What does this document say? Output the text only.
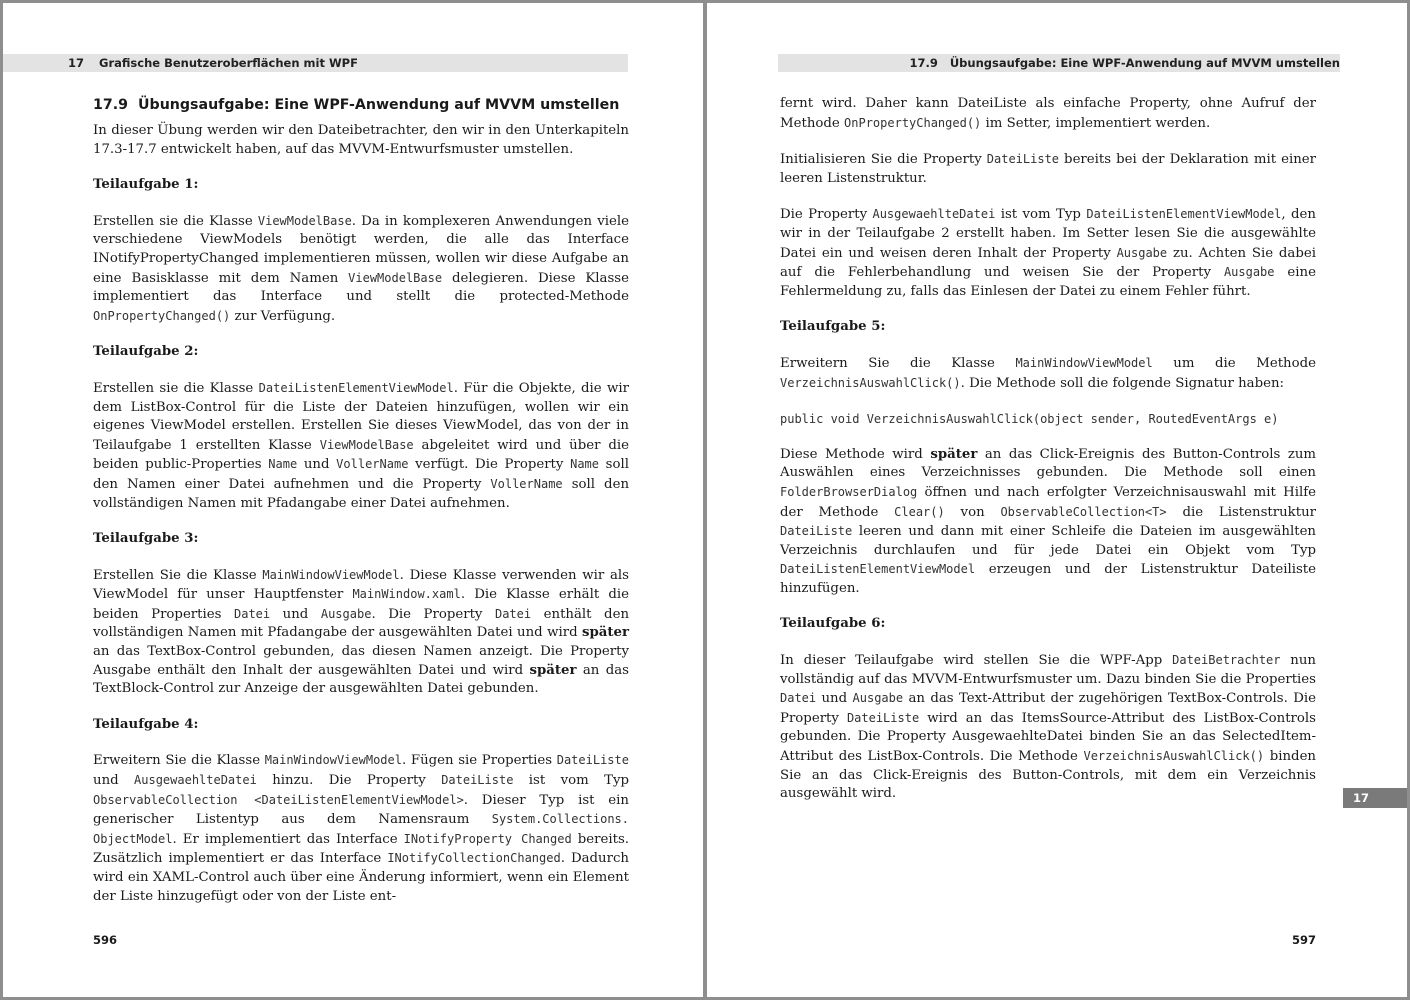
17 Grafische Benutzeroberflächen mit WPF
17.9 Übungsaufgabe: Eine WPF-Anwendung auf MVVM umstellen

In dieser Übung werden wir den Dateibetrachter, den wir in den Unterkapiteln 17.3-17.7 entwickelt haben, auf das MVVM-Entwurfsmuster umstellen.

Teilaufgabe 1:

Erstellen sie die Klasse ViewModelBase. Da in komplexeren Anwendungen viele verschiedene ViewModels benötigt werden, die alle das Interface INotifyPropertyChanged implementieren müssen, wollen wir diese Aufgabe an eine Basisklasse mit dem Namen ViewModelBase delegieren. Diese Klasse implementiert das Interface und stellt die protected-Methode OnPropertyChanged() zur Verfügung.

Teilaufgabe 2:

Erstellen sie die Klasse DateiListenElementViewModel. Für die Objekte, die wir dem ListBox-Control für die Liste der Dateien hinzufügen, wollen wir ein eigenes ViewModel erstellen. Erstellen Sie dieses ViewModel, das von der in Teilaufgabe 1 erstellten Klasse ViewModelBase abgeleitet wird und über die beiden public-Properties Name und VollerName verfügt. Die Property Name soll den Namen einer Datei aufnehmen und die Property VollerName soll den vollständigen Namen mit Pfadangabe einer Datei aufnehmen.

Teilaufgabe 3:

Erstellen Sie die Klasse MainWindowViewModel. Diese Klasse verwenden wir als ViewModel für unser Hauptfenster MainWindow.xaml. Die Klasse erhält die beiden Properties Datei und Ausgabe. Die Property Datei enthält den vollständigen Namen mit Pfadangabe der ausgewählten Datei und wird später an das TextBox-Control gebunden, das diesen Namen anzeigt. Die Property Ausgabe enthält den Inhalt der ausgewählten Datei und wird später an das TextBlock-Control zur Anzeige der ausgewählten Datei gebunden.

Teilaufgabe 4:

Erweitern Sie die Klasse MainWindowViewModel. Fügen sie Properties DateiListe und AusgewaehlteDatei hinzu. Die Property DateiListe ist vom Typ ObservableCollection <DateiListenElementViewModel>. Dieser Typ ist ein generischer Listentyp aus dem Namensraum System.Collections. ObjectModel. Er implementiert das Interface INotifyProperty Changed bereits. Zusätzlich implementiert er das Interface INotifyCollectionChanged. Dadurch wird ein XAML-Control auch über eine Änderung informiert, wenn ein Element der Liste hinzugefügt oder von der Liste ent-

596
17.9 Übungsaufgabe: Eine WPF-Anwendung auf MVVM umstellen

fernt wird. Daher kann DateiListe als einfache Property, ohne Aufruf der Methode OnPropertyChanged() im Setter, implementiert werden.

Initialisieren Sie die Property DateiListe bereits bei der Deklaration mit einer leeren Listenstruktur.

Die Property AusgewaehlteDatei ist vom Typ DateiListenElementViewModel, den wir in der Teilaufgabe 2 erstellt haben. Im Setter lesen Sie die ausgewählte Datei ein und weisen deren Inhalt der Property Ausgabe zu. Achten Sie dabei auf die Fehlerbehandlung und weisen Sie der Property Ausgabe eine Fehlermeldung zu, falls das Einlesen der Datei zu einem Fehler führt.

Teilaufgabe 5:

Erweitern Sie die Klasse MainWindowViewModel um die Methode VerzeichnisAuswahlClick(). Die Methode soll die folgende Signatur haben:

public void VerzeichnisAuswahlClick(object sender, RoutedEventArgs e)

Diese Methode wird später an das Click-Ereignis des Button-Controls zum Auswählen eines Verzeichnisses gebunden. Die Methode soll einen FolderBrowserDialog öffnen und nach erfolgter Verzeichnisauswahl mit Hilfe der Methode Clear() von ObservableCollection<T> die Listenstruktur DateiListe leeren und dann mit einer Schleife die Dateien im ausgewählten Verzeichnis durchlaufen und für jede Datei ein Objekt vom Typ DateiListenElementViewModel erzeugen und der Listenstruktur Dateiliste hinzufügen.

Teilaufgabe 6:

In dieser Teilaufgabe wird stellen Sie die WPF-App DateiBetrachter nun vollständig auf das MVVM-Entwurfsmuster um. Dazu binden Sie die Properties Datei und Ausgabe an das Text-Attribut der zugehörigen TextBox-Controls. Die Property DateiListe wird an das ItemsSource-Attribut des ListBox-Controls gebunden. Die Property AusgewaehlteDatei binden Sie an das SelectedItem-Attribut des ListBox-Controls. Die Methode VerzeichnisAuswahlClick() binden Sie an das Click-Ereignis des Button-Controls, mit dem ein Verzeichnis ausgewählt wird.	17
597
